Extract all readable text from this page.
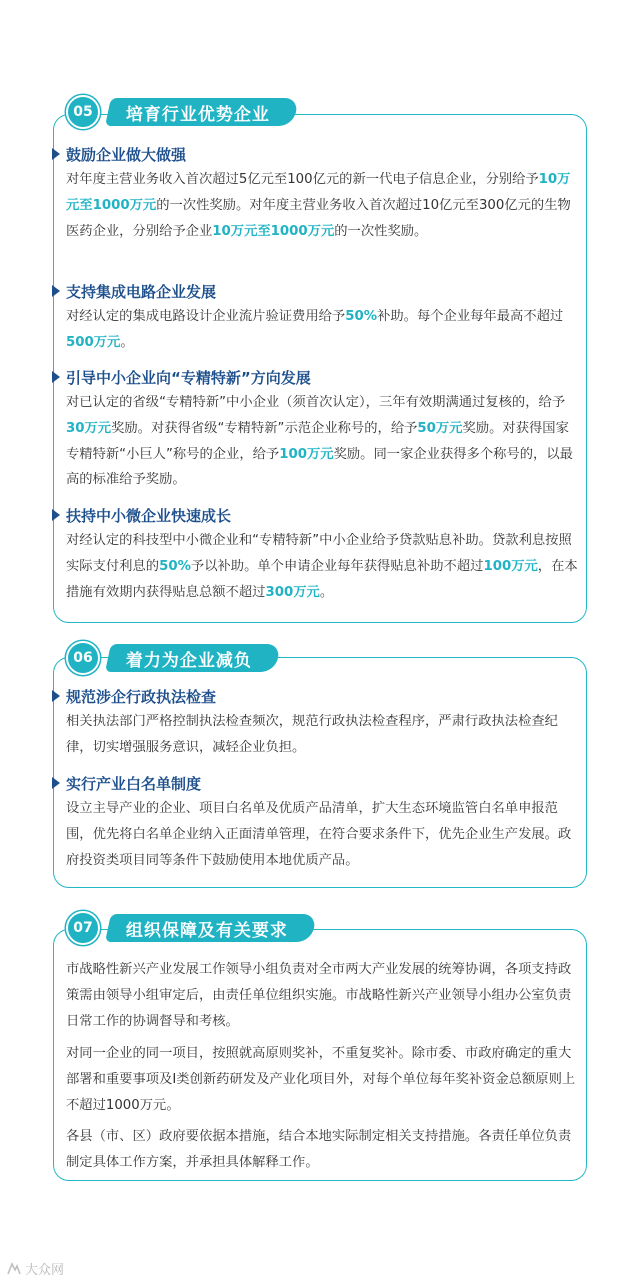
05	培育行业优势企业
鼓励企业做大做强
对年度主营业务收入首次超过5亿元至100亿元的新一代电子信息企业，分别给予10万元至1000万元的一次性奖励。对年度主营业务收入首次超过10亿元至300亿元的生物医药企业，分别给予企业10万元至1000万元的一次性奖励。
支持集成电路企业发展
对经认定的集成电路设计企业流片验证费用给予50%补助。每个企业每年最高不超过500万元。
引导中小企业向“专精特新”方向发展
对已认定的省级“专精特新”中小企业（须首次认定），三年有效期满通过复核的，给予30万元奖励。对获得省级“专精特新”示范企业称号的，给予50万元奖励。对获得国家专精特新“小巨人”称号的企业，给予100万元奖励。同一家企业获得多个称号的，以最高的标准给予奖励。
扶持中小微企业快速成长
对经认定的科技型中小微企业和“专精特新”中小企业给予贷款贴息补助。贷款利息按照实际支付利息的50%予以补助。单个申请企业每年获得贴息补助不超过100万元，在本措施有效期内获得贴息总额不超过300万元。
06	着力为企业减负
规范涉企行政执法检查
相关执法部门严格控制执法检查频次，规范行政执法检查程序，严肃行政执法检查纪律，切实增强服务意识，减轻企业负担。
实行产业白名单制度
设立主导产业的企业、项目白名单及优质产品清单，扩大生态环境监管白名单申报范围，优先将白名单企业纳入正面清单管理，在符合要求条件下，优先企业生产发展。政府投资类项目同等条件下鼓励使用本地优质产品。
07	组织保障及有关要求
市战略性新兴产业发展工作领导小组负责对全市两大产业发展的统筹协调，各项支持政策需由领导小组审定后，由责任单位组织实施。市战略性新兴产业领导小组办公室负责日常工作的协调督导和考核。
对同一企业的同一项目，按照就高原则奖补，不重复奖补。除市委、市政府确定的重大部署和重要事项及Ⅰ类创新药研发及产业化项目外，对每个单位每年奖补资金总额原则上不超过1000万元。
各县（市、区）政府要依据本措施，结合本地实际制定相关支持措施。各责任单位负责制定具体工作方案，并承担具体解释工作。
大众网
